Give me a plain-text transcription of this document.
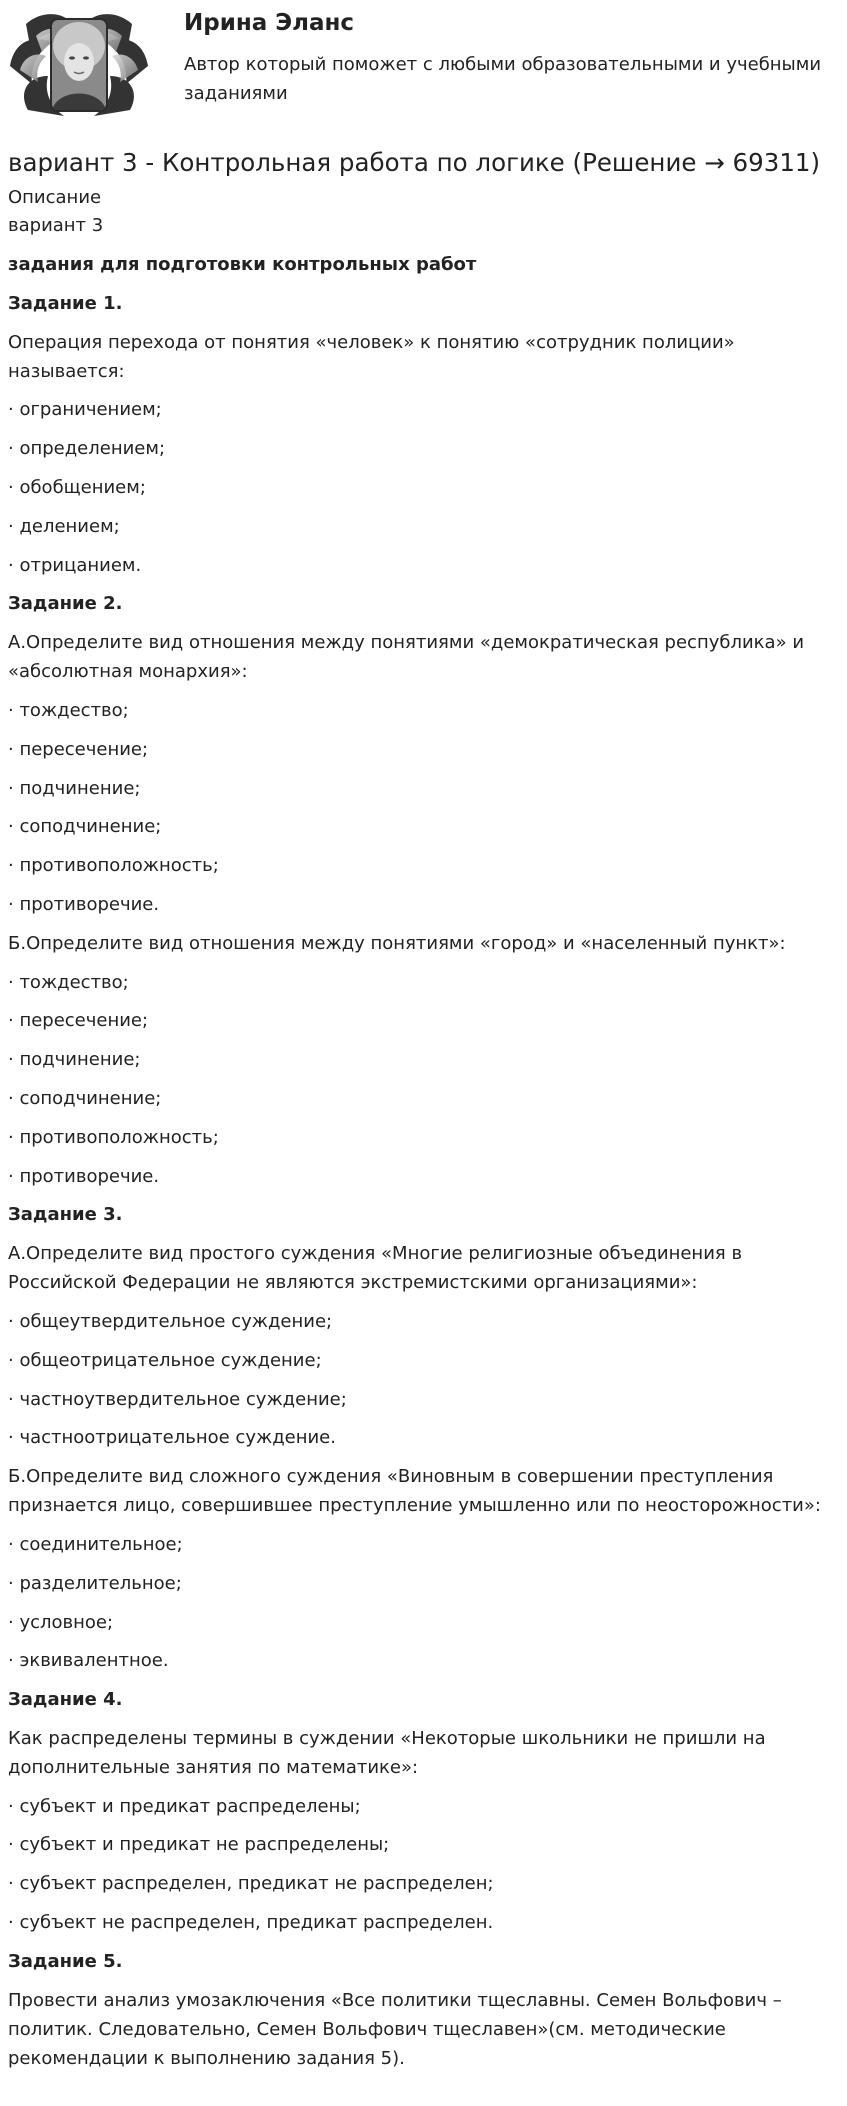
Ирина Эланс

Автор который поможет с любыми образовательными и учебными заданиями

вариант 3 - Контрольная работа по логике (Решение → 69311)

Описание

вариант 3

задания для подготовки контрольных работ

Задание 1.

Операция перехода от понятия «человек» к понятию «сотрудник полиции» называется:

· ограничением;

· определением;

· обобщением;

· делением;

· отрицанием.

Задание 2.

А.Определите вид отношения между понятиями «демократическая республика» и «абсолютная монархия»:

· тождество;

· пересечение;

· подчинение;

· соподчинение;

· противоположность;

· противоречие.

Б.Определите вид отношения между понятиями «город» и «населенный пункт»:

· тождество;

· пересечение;

· подчинение;

· соподчинение;

· противоположность;

· противоречие.

Задание 3.

А.Определите вид простого суждения «Многие религиозные объединения в Российской Федерации не являются экстремистскими организациями»:

· общеутвердительное суждение;

· общеотрицательное суждение;

· частноутвердительное суждение;

· частноотрицательное суждение.

Б.Определите вид сложного суждения «Виновным в совершении преступления признается лицо, совершившее преступление умышленно или по неосторожности»:

· соединительное;

· разделительное;

· условное;

· эквивалентное.

Задание 4.

Как распределены термины в суждении «Некоторые школьники не пришли на дополнительные занятия по математике»:

· субъект и предикат распределены;

· субъект и предикат не распределены;

· субъект распределен, предикат не распределен;

· субъект не распределен, предикат распределен.

Задание 5.

Провести анализ умозаключения «Все политики тщеславны. Семен Вольфович – политик. Следовательно, Семен Вольфович тщеславен»(см. методические рекомендации к выполнению задания 5).
